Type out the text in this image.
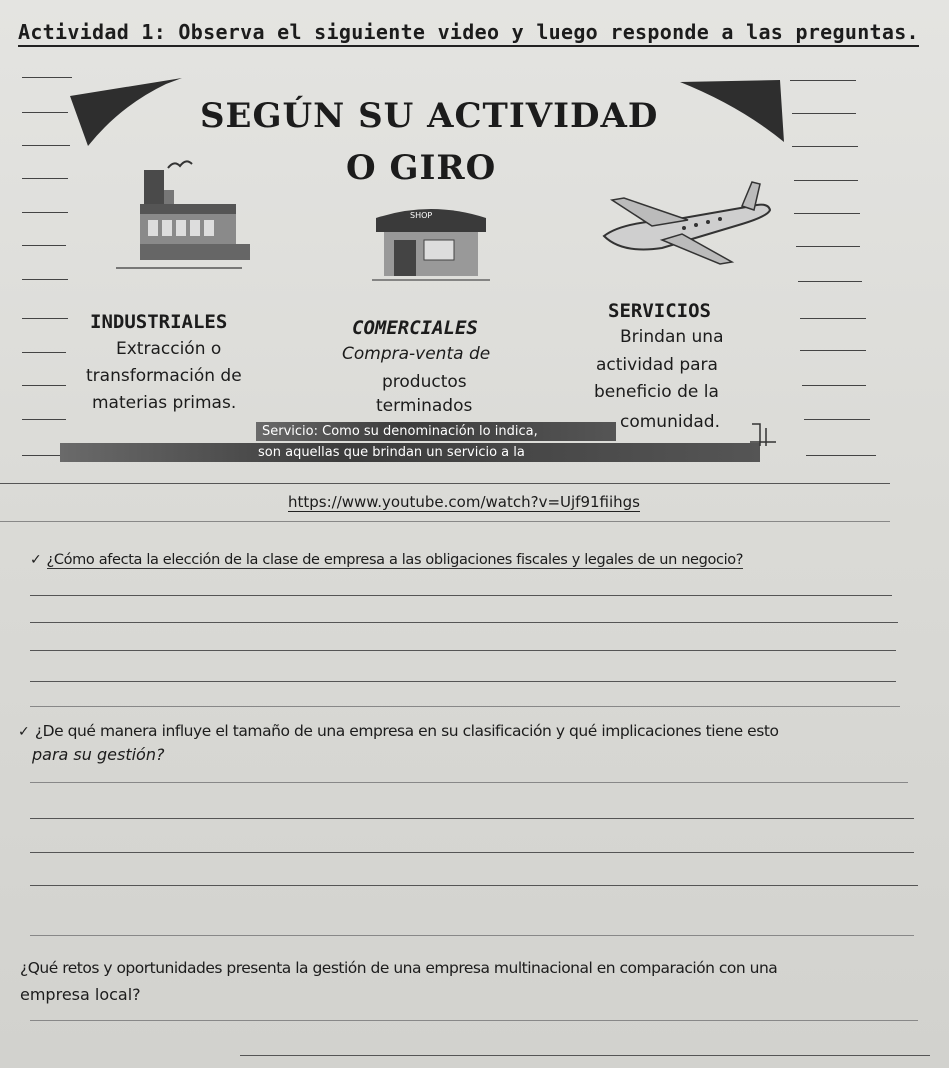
Actividad 1: Observa el siguiente video y luego responde a las preguntas.
SEGÚN SU ACTIVIDAD
O GIRO
SHOP
INDUSTRIALES
Extracción o
transformación de
materias primas.
COMERCIALES
Compra-venta de
productos
terminados
SERVICIOS
Brindan una
actividad para
beneficio de la
comunidad.
Servicio: Como su denominación lo indica,
son aquellas que brindan un servicio a la
https://www.youtube.com/watch?v=Ujf91fiihgs
✓ ¿Cómo afecta la elección de la clase de empresa a las obligaciones fiscales y legales de un negocio?
✓ ¿De qué manera influye el tamaño de una empresa en su clasificación y qué implicaciones tiene esto
para su gestión?
¿Qué retos y oportunidades presenta la gestión de una empresa multinacional en comparación con una
empresa local?
